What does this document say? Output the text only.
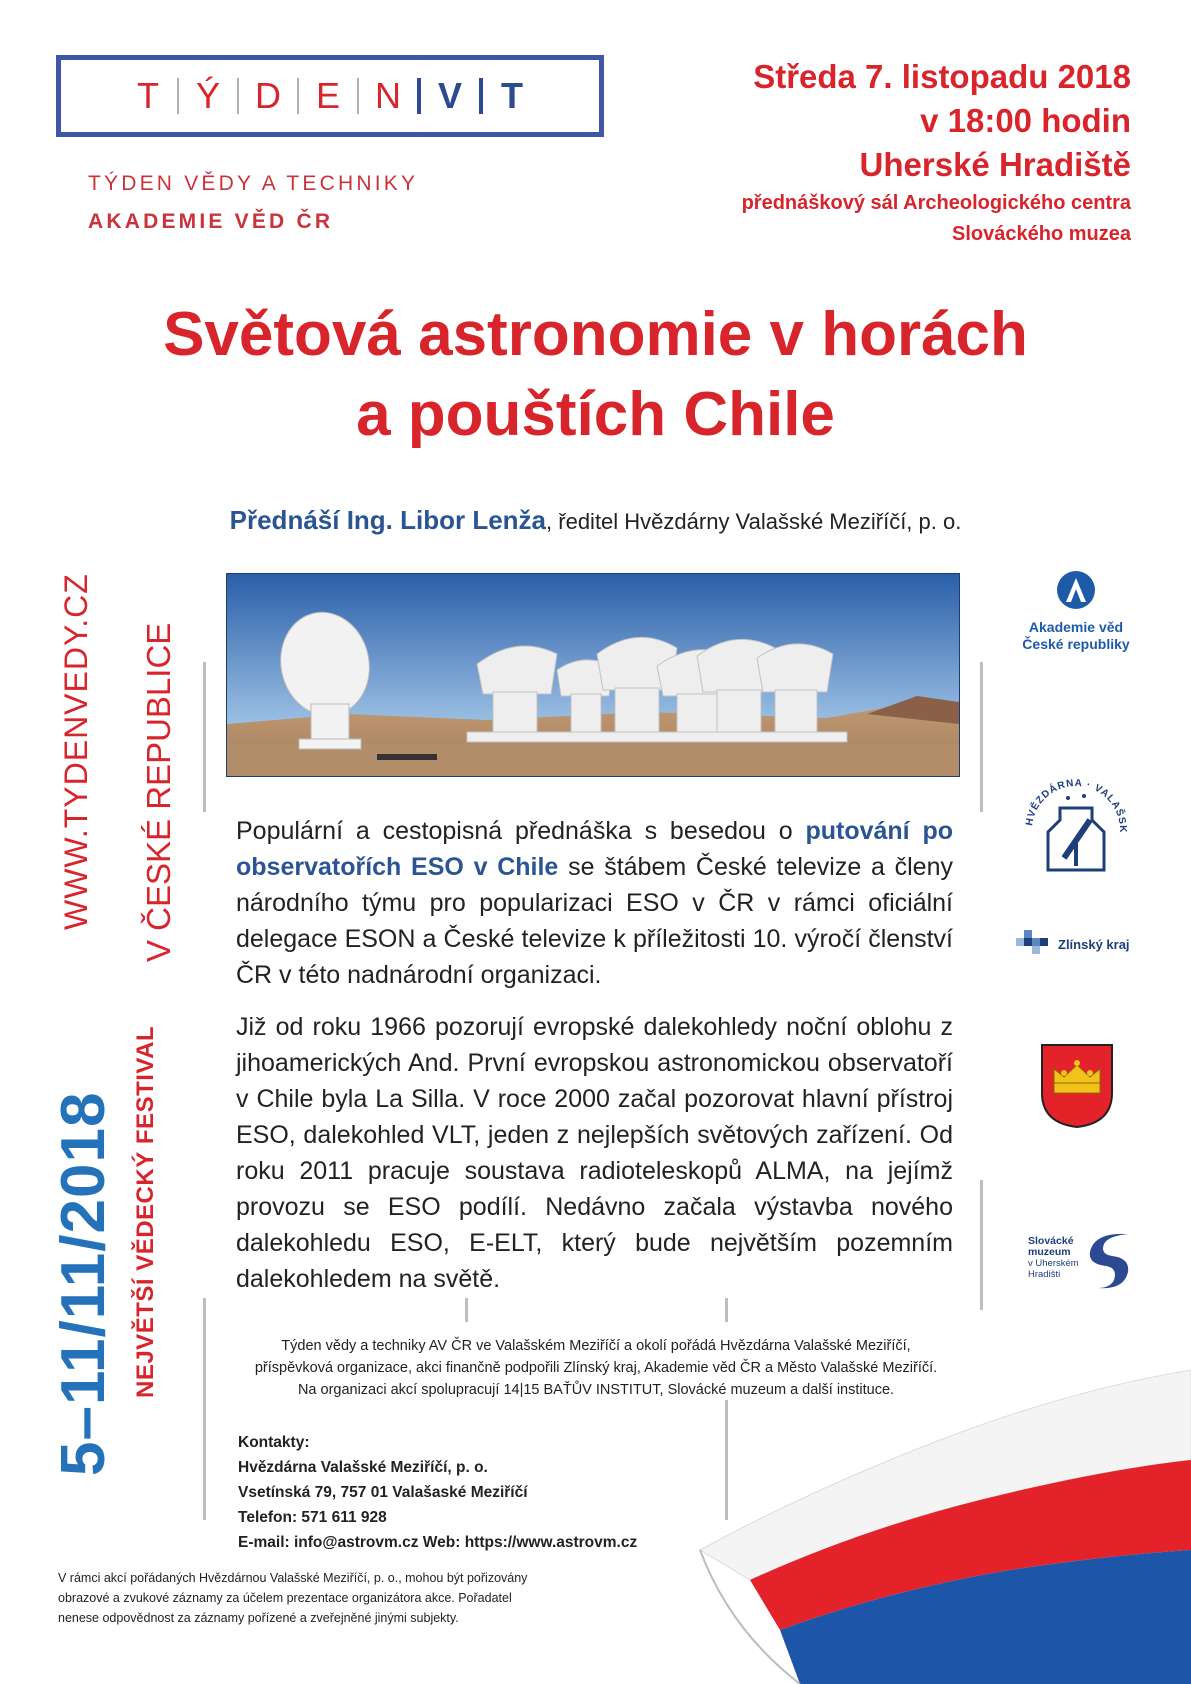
T	Ý D E N	V	T
TÝDEN VĚDY A TECHNIKY
AKADEMIE VĚD ČR
Středa 7. listopadu 2018
v 18:00 hodin
Uherské Hradiště
přednáškový sál Archeologického centra
Slováckého muzea
Světová astronomie v horách
a pouštích Chile
Přednáší Ing. Libor Lenža, ředitel Hvězdárny Valašské Meziříčí, p. o.
WWW.TYDENVEDY.CZ V ČESKÉ REPUBLICE
5–11/11/2018 NEJVĚTŠÍ VĚDECKÝ FESTIVAL

Populární a cestopisná přednáška s besedou o putování po observatořích ESO v Chile se štábem České televize a členy národního týmu pro popularizaci ESO v ČR v rámci oficiální delegace ESON a České televize k příležitosti 10. výročí členství ČR v této nadnárodní organizaci.

Již od roku 1966 pozorují evropské dalekohledy noční oblohu z jihoamerických And. První evropskou astronomickou observatoří v Chile byla La Silla. V roce 2000 začal pozorovat hlavní přístroj ESO, dalekohled VLT, jeden z nejlepších světových zařízení. Od roku 2011 pracuje soustava radioteleskopů ALMA, na jejímž provozu se ESO podílí. Nedávno začala výstavba nového dalekohledu ESO, E-ELT, který bude největším pozemním dalekohledem na světě.

Týden vědy a techniky AV ČR ve Valašském Meziříčí a okolí pořádá Hvězdárna Valašské Meziříčí,
příspěvková organizace, akci finančně podpořili Zlínský kraj, Akademie věd ČR a Město Valašské Meziříčí.
Na organizaci akcí spolupracují 14|15 BAŤŮV INSTITUT, Slovácké muzeum a další instituce.
Kontakty:
Hvězdárna Valašské Meziříčí, p. o.
Vsetínská 79, 757 01 Valašaské Meziříčí
Telefon: 571 611 928
E-mail: info@astrovm.cz Web: https://www.astrovm.cz
V rámci akcí pořádaných Hvězdárnou Valašské Meziříčí, p. o., mohou být pořizovány
obrazové a zvukové záznamy za účelem prezentace organizátora akce. Pořadatel
nenese odpovědnost za záznamy pořízené a zveřejněné jinými subjekty.
Akademie věd
České republiky
HVĚZDÁRNA · VALAŠSK
Zlínský kraj
Slovácké
muzeum
v Uherském
Hradišti
